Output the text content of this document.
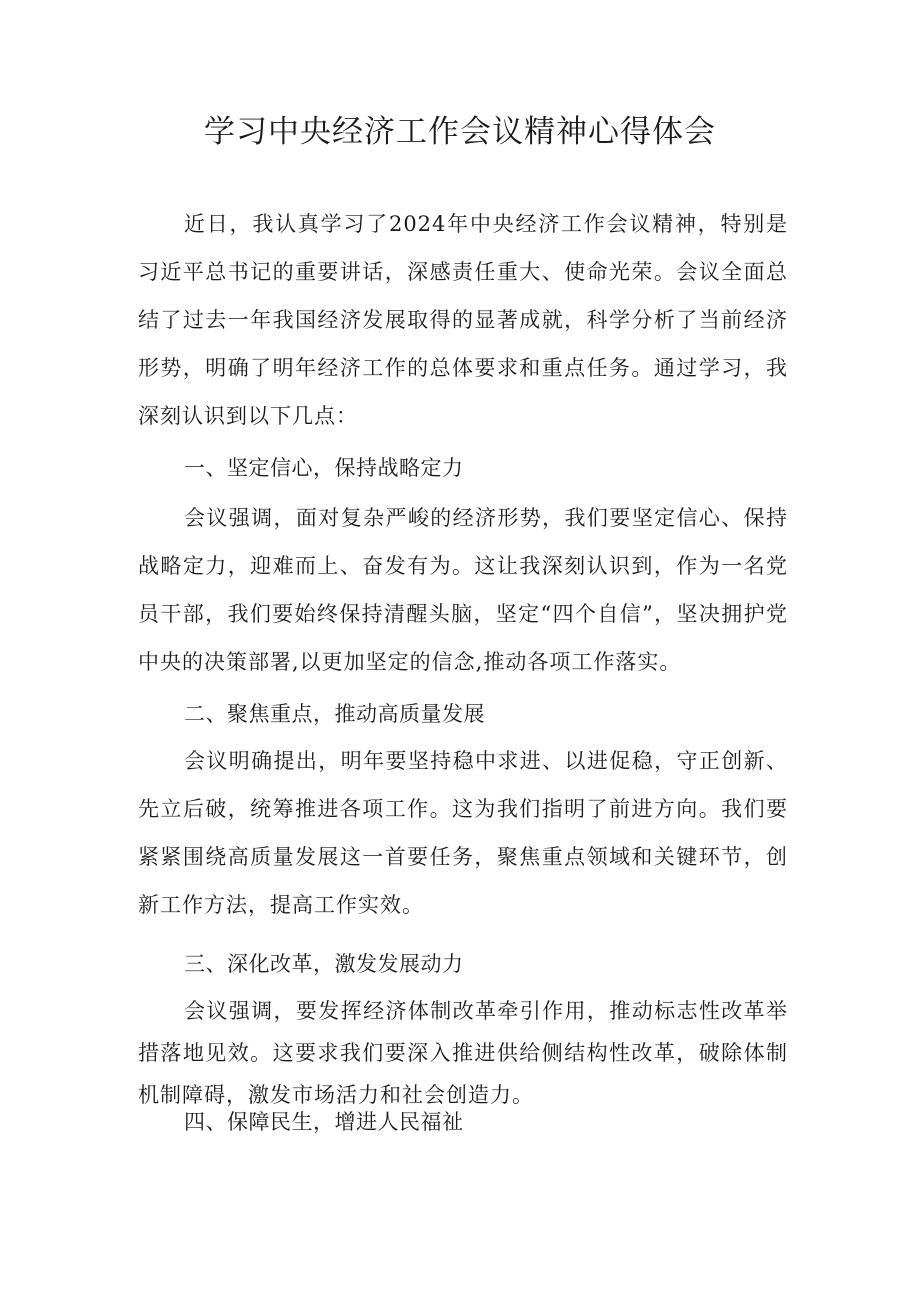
学习中央经济工作会议精神心得体会

近日，我认真学习了2024年中央经济工作会议精神，特别是习近平总书记的重要讲话，深感责任重大、使命光荣。会议全面总结了过去一年我国经济发展取得的显著成就，科学分析了当前经济形势，明确了明年经济工作的总体要求和重点任务。通过学习，我深刻认识到以下几点：

一、坚定信心，保持战略定力

会议强调，面对复杂严峻的经济形势，我们要坚定信心、保持战略定力，迎难而上、奋发有为。这让我深刻认识到，作为一名党员干部，我们要始终保持清醒头脑，坚定“四个自信”，坚决拥护党中央的决策部署,以更加坚定的信念,推动各项工作落实。

二、聚焦重点，推动高质量发展

会议明确提出，明年要坚持稳中求进、以进促稳，守正创新、先立后破，统筹推进各项工作。这为我们指明了前进方向。我们要紧紧围绕高质量发展这一首要任务，聚焦重点领域和关键环节，创新工作方法，提高工作实效。

三、深化改革，激发发展动力

会议强调，要发挥经济体制改革牵引作用，推动标志性改革举措落地见效。这要求我们要深入推进供给侧结构性改革，破除体制机制障碍，激发市场活力和社会创造力。

四、保障民生，增进人民福祉
